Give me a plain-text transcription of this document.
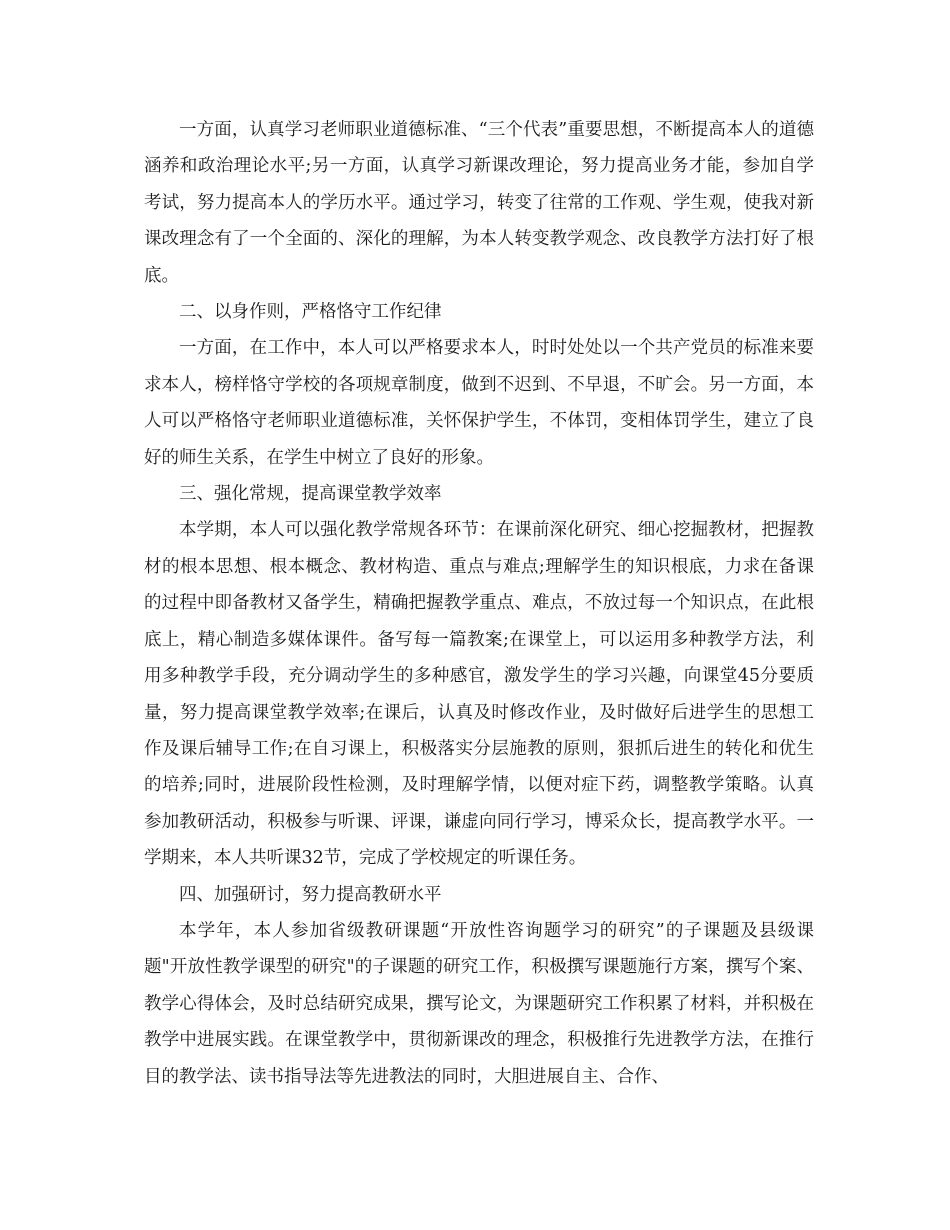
一方面，认真学习老师职业道德标准、“三个代表”重要思想，不断提高本人的道德涵养和政治理论水平;另一方面，认真学习新课改理论，努力提高业务才能，参加自学考试，努力提高本人的学历水平。通过学习，转变了往常的工作观、学生观，使我对新课改理念有了一个全面的、深化的理解，为本人转变教学观念、改良教学方法打好了根底。

二、以身作则，严格恪守工作纪律

一方面，在工作中，本人可以严格要求本人，时时处处以一个共产党员的标准来要求本人，榜样恪守学校的各项规章制度，做到不迟到、不早退，不旷会。另一方面，本人可以严格恪守老师职业道德标准，关怀保护学生，不体罚，变相体罚学生，建立了良好的师生关系，在学生中树立了良好的形象。

三、强化常规，提高课堂教学效率

本学期，本人可以强化教学常规各环节：在课前深化研究、细心挖掘教材，把握教材的根本思想、根本概念、教材构造、重点与难点;理解学生的知识根底，力求在备课的过程中即备教材又备学生，精确把握教学重点、难点，不放过每一个知识点，在此根底上，精心制造多媒体课件。备写每一篇教案;在课堂上，可以运用多种教学方法，利用多种教学手段，充分调动学生的多种感官，激发学生的学习兴趣，向课堂45分要质量，努力提高课堂教学效率;在课后，认真及时修改作业，及时做好后进学生的思想工作及课后辅导工作;在自习课上，积极落实分层施教的原则，狠抓后进生的转化和优生的培养;同时，进展阶段性检测，及时理解学情，以便对症下药，调整教学策略。认真参加教研活动，积极参与听课、评课，谦虚向同行学习，博采众长，提高教学水平。一学期来，本人共听课32节，完成了学校规定的听课任务。

四、加强研讨，努力提高教研水平

本学年，本人参加省级教研课题“开放性咨询题学习的研究”的子课题及县级课题"开放性教学课型的研究"的子课题的研究工作，积极撰写课题施行方案，撰写个案、教学心得体会，及时总结研究成果，撰写论文，为课题研究工作积累了材料，并积极在教学中进展实践。在课堂教学中，贯彻新课改的理念，积极推行先进教学方法，在推行目的教学法、读书指导法等先进教法的同时，大胆进展自主、合作、
